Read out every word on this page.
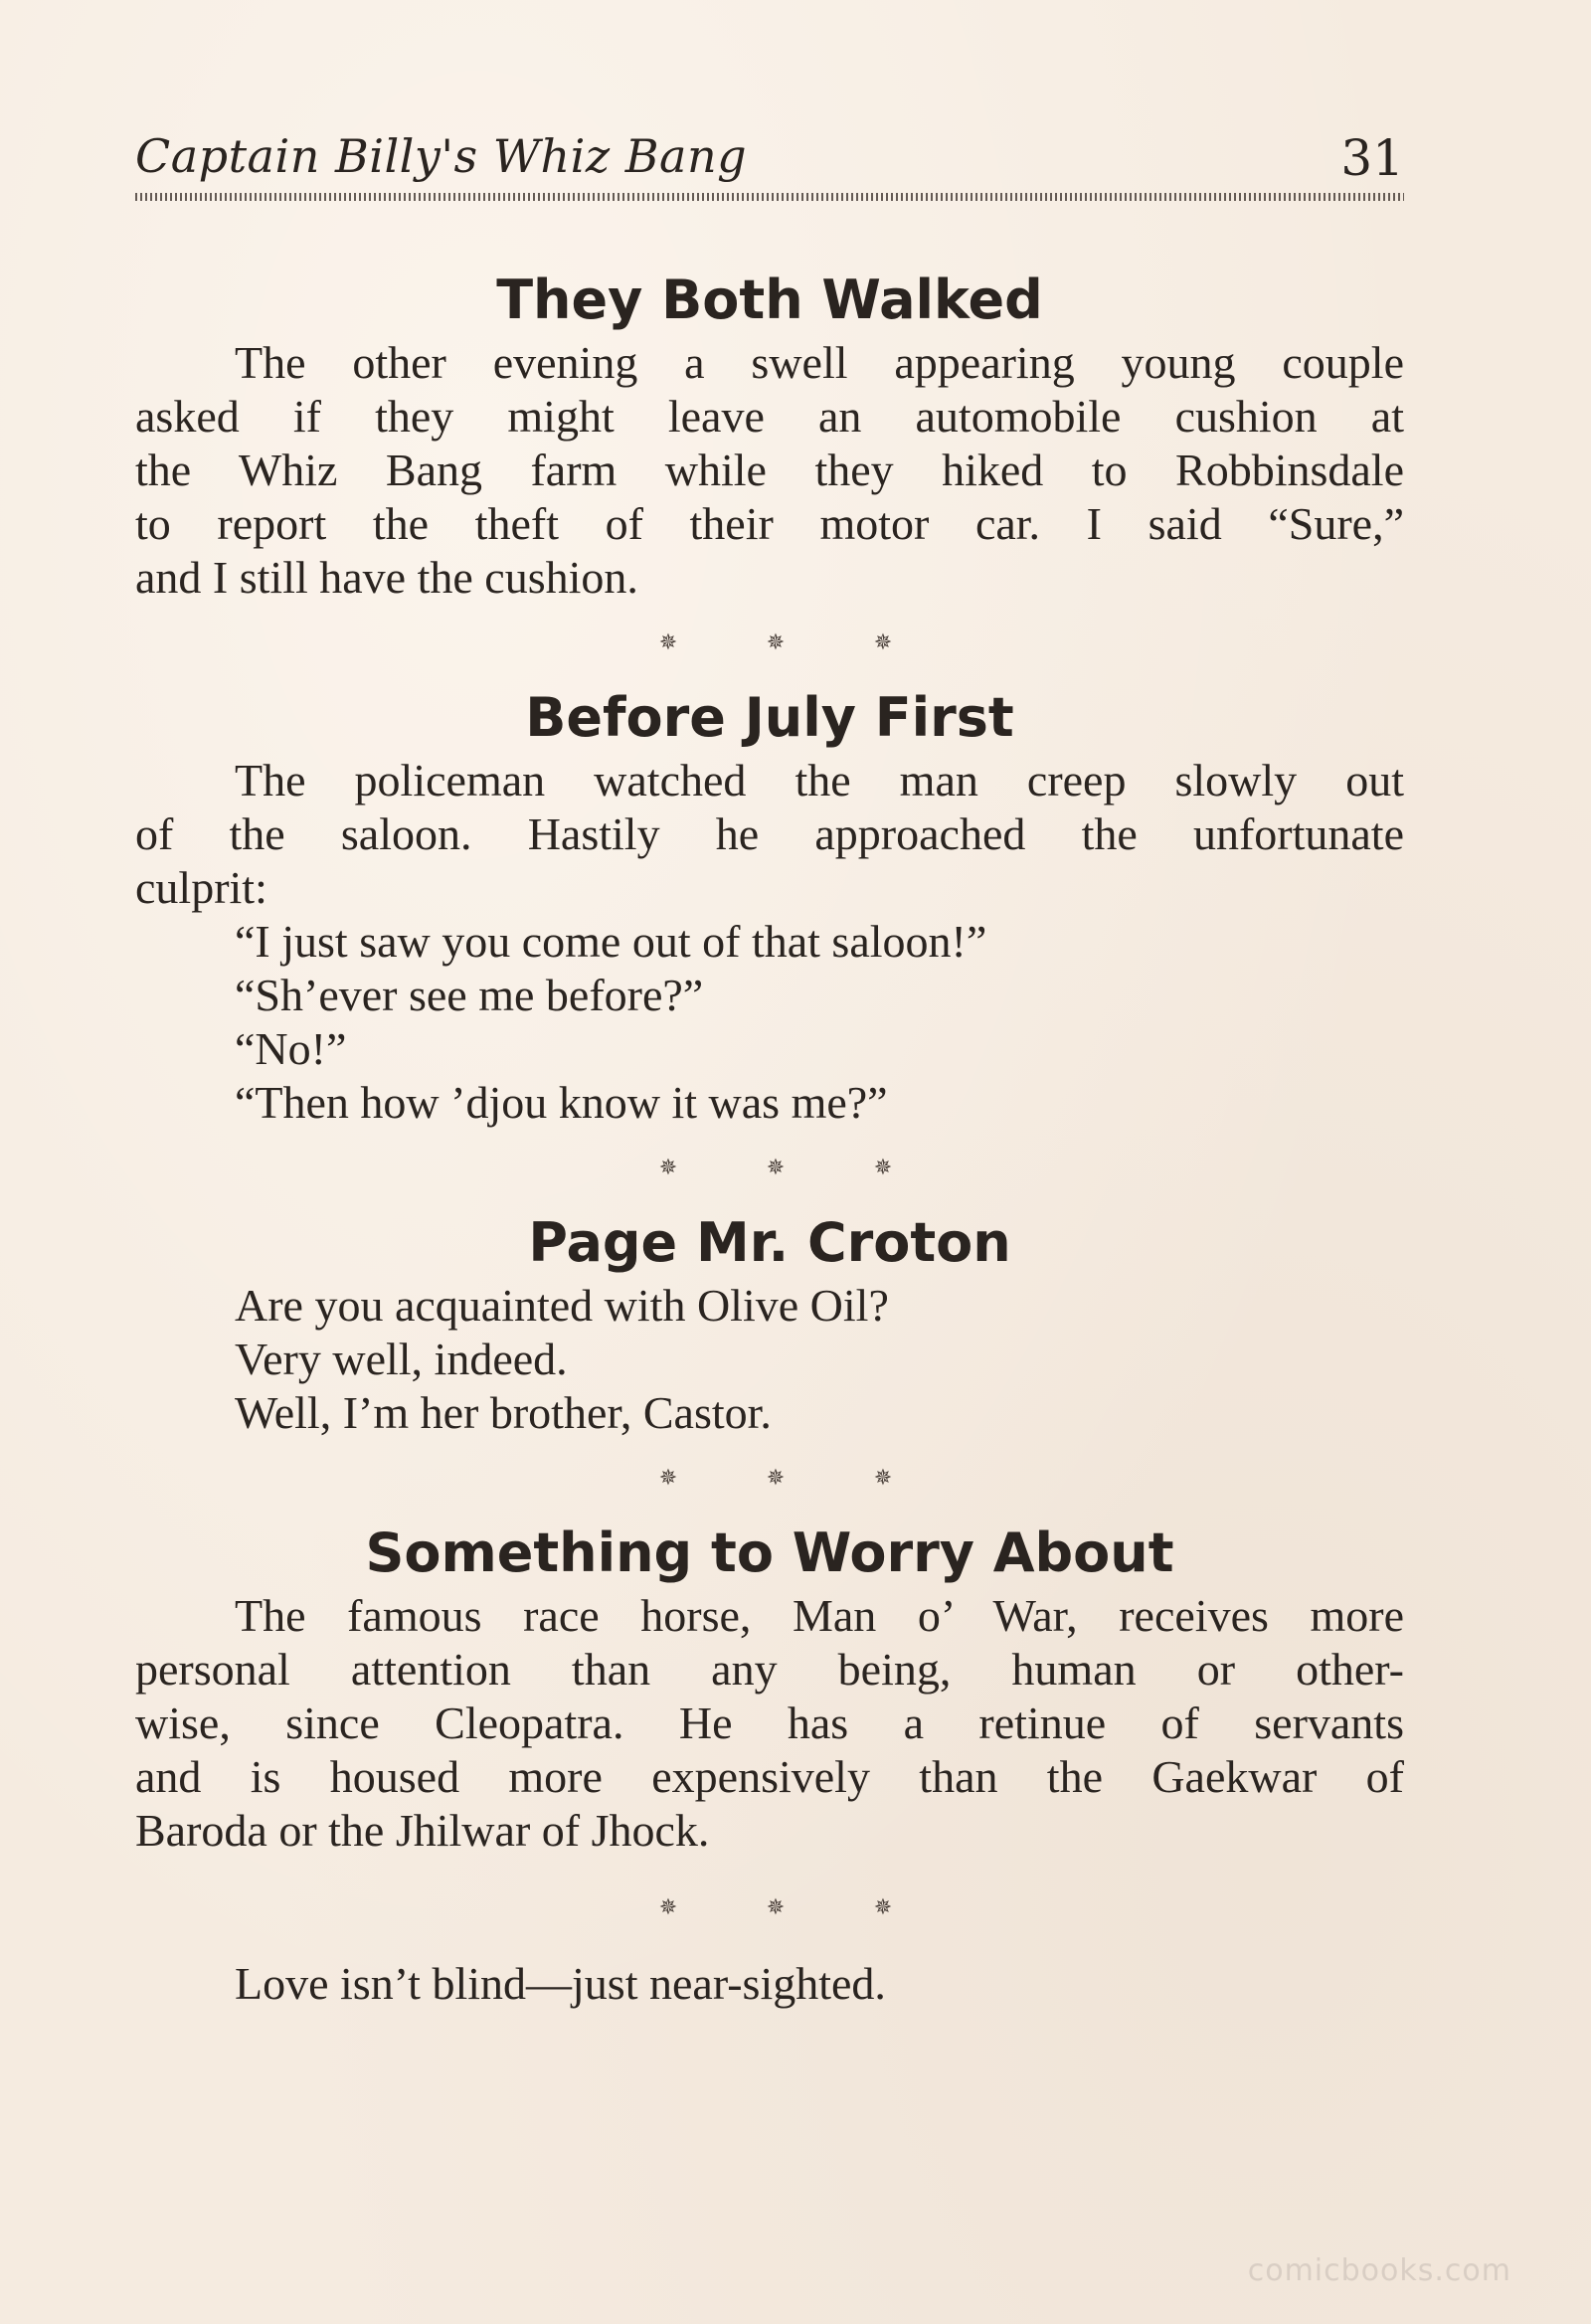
Captain Billy's Whiz Bang	31
They Both Walked

The other evening a swell appearing young couple

asked if they might leave an automobile cushion at

the Whiz Bang farm while they hiked to Robbinsdale

to report the theft of their motor car. I said “Sure,”

and I still have the cushion.

✵	✵	✵
Before July First

The policeman watched the man creep slowly out

of the saloon. Hastily he approached the unfortunate

culprit:

“I just saw you come out of that saloon!”

“Sh’ever see me before?”

“No!”

“Then how ’djou know it was me?”

✵	✵	✵
Page Mr. Croton

Are you acquainted with Olive Oil?

Very well, indeed.

Well, I’m her brother, Castor.

✵	✵	✵
Something to Worry About

The famous race horse, Man o’ War, receives more

personal attention than any being, human or other-

wise, since Cleopatra. He has a retinue of servants

and is housed more expensively than the Gaekwar of

Baroda or the Jhilwar of Jhock.

✵	✵	✵

Love isn’t blind—just near-sighted.

comicbooks.com
